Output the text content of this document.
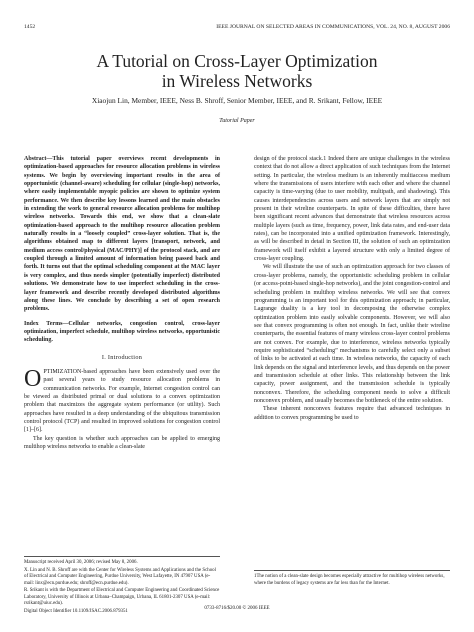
1452	IEEE JOURNAL ON SELECTED AREAS IN COMMUNICATIONS, VOL. 24, NO. 8, AUGUST 2006
A Tutorial on Cross-Layer Optimization
in Wireless Networks
Xiaojun Lin, Member, IEEE, Ness B. Shroff, Senior Member, IEEE, and R. Srikant, Fellow, IEEE
Tutorial Paper

Abstract—This tutorial paper overviews recent developments in optimization-based approaches for resource allocation problems in wireless systems. We begin by overviewing important results in the area of opportunistic (channel-aware) scheduling for cellular (single-hop) networks, where easily implementable myopic policies are shown to optimize system performance. We then describe key lessons learned and the main obstacles in extending the work to general resource allocation problems for multihop wireless networks. Towards this end, we show that a clean-slate optimization-based approach to the multihop resource allocation problem naturally results in a “loosely coupled” cross-layer solution. That is, the algorithms obtained map to different layers [transport, network, and medium access control/physical (MAC/PHY)] of the protocol stack, and are coupled through a limited amount of information being passed back and forth. It turns out that the optimal scheduling component at the MAC layer is very complex, and thus needs simpler (potentially imperfect) distributed solutions. We demonstrate how to use imperfect scheduling in the cross-layer framework and describe recently developed distributed algorithms along these lines. We conclude by describing a set of open research problems.

Index Terms—Cellular networks, congestion control, cross-layer optimization, imperfect schedule, multihop wireless networks, opportunistic scheduling.

I. Introduction

OPTIMIZATION-based approaches have been extensively used over the past several years to study resource allocation problems in communication networks. For example, Internet congestion control can be viewed as distributed primal or dual solutions to a convex optimization problem that maximizes the aggregate system performance (or utility). Such approaches have resulted in a deep understanding of the ubiquitous transmission control protocol (TCP) and resulted in improved solutions for congestion control [1]–[6].

The key question is whether such approaches can be applied to emerging multihop wireless networks to enable a clean-slate

Manuscript received April 30, 2006; revised May 8, 2006.
X. Lin and N. B. Shroff are with the Center for Wireless Systems and Applications and the School of Electrical and Computer Engineering, Purdue University, West Lafayette, IN 47907 USA (e-mail: linx@ecn.purdue.edu; shroff@ecn.purdue.edu).
R. Srikant is with the Department of Electrical and Computer Engineering and Coordinated Science Laboratory, University of Illinois at Urbana–Champaign, Urbana, IL 61801-2307 USA (e-mail: rsrikant@uiuc.edu).
Digital Object Identifier 10.1109/JSAC.2006.879351

design of the protocol stack.1 Indeed there are unique challenges in the wireless context that do not allow a direct application of such techniques from the Internet setting. In particular, the wireless medium is an inherently multiaccess medium where the transmissions of users interfere with each other and where the channel capacity is time-varying (due to user mobility, multipath, and shadowing). This causes interdependencies across users and network layers that are simply not present in their wireline counterparts. In spite of these difficulties, there have been significant recent advances that demonstrate that wireless resources across multiple layers (such as time, frequency, power, link data rates, and end-user data rates), can be incorporated into a unified optimization framework. Interestingly, as will be described in detail in Section III, the solution of such an optimization framework will itself exhibit a layered structure with only a limited degree of cross-layer coupling.

We will illustrate the use of such an optimization approach for two classes of cross-layer problems, namely, the opportunistic scheduling problem in cellular (or access-point-based single-hop networks), and the joint congestion-control and scheduling problem in multihop wireless networks. We will see that convex programming is an important tool for this optimization approach; in particular, Lagrange duality is a key tool in decomposing the otherwise complex optimization problem into easily solvable components. However, we will also see that convex programming is often not enough. In fact, unlike their wireline counterparts, the essential features of many wireless cross-layer control problems are not convex. For example, due to interference, wireless networks typically require sophisticated “scheduling” mechanisms to carefully select only a subset of links to be activated at each time. In wireless networks, the capacity of each link depends on the signal and interference levels, and thus depends on the power and transmission schedule at other links. This relationship between the link capacity, power assignment, and the transmission schedule is typically nonconvex. Therefore, the scheduling component needs to solve a difficult nonconvex problem, and usually becomes the bottleneck of the entire solution.

These inherent nonconvex features require that advanced techniques in addition to convex programming be used to

1The notion of a clean-slate design becomes especially attractive for multihop wireless networks, where the burdens of legacy systems are far less than for the Internet.
0733-8716/$20.00 © 2006 IEEE
